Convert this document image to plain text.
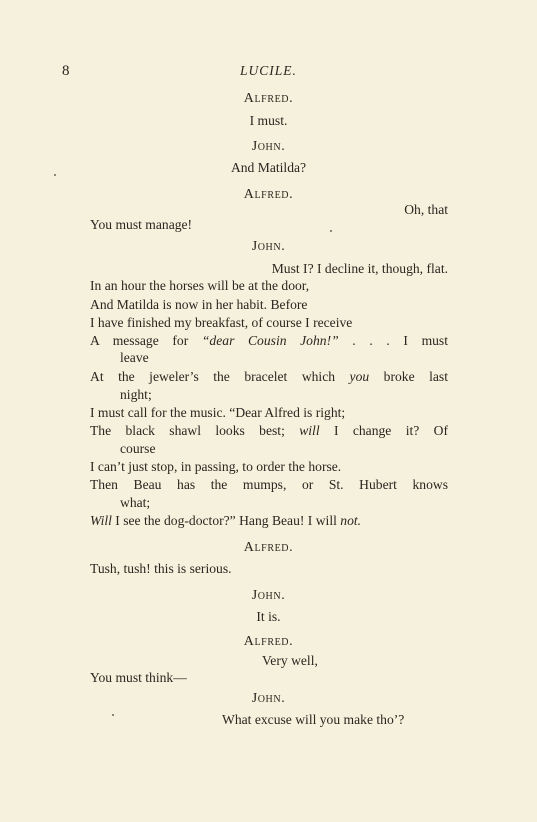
8	LUCILE.
Alfred.
I must.
John.
And Matilda?
Alfred.
Oh, that
You must manage!
John.
Must I? I decline it, though, flat.
In an hour the horses will be at the door,
And Matilda is now in her habit. Before
I have finished my breakfast, of course I receive
A message for “dear Cousin John!” . . . I must
leave
At the jeweler’s the bracelet which you broke last
night;
I must call for the music. “Dear Alfred is right;
The black shawl looks best; will I change it? Of
course
I can’t just stop, in passing, to order the horse.
Then Beau has the mumps, or St. Hubert knows
what;
Will I see the dog-doctor?” Hang Beau! I will not.
Alfred.
Tush, tush! this is serious.
John.
It is.
Alfred.
Very well,
You must think—
John.
What excuse will you make tho’?
